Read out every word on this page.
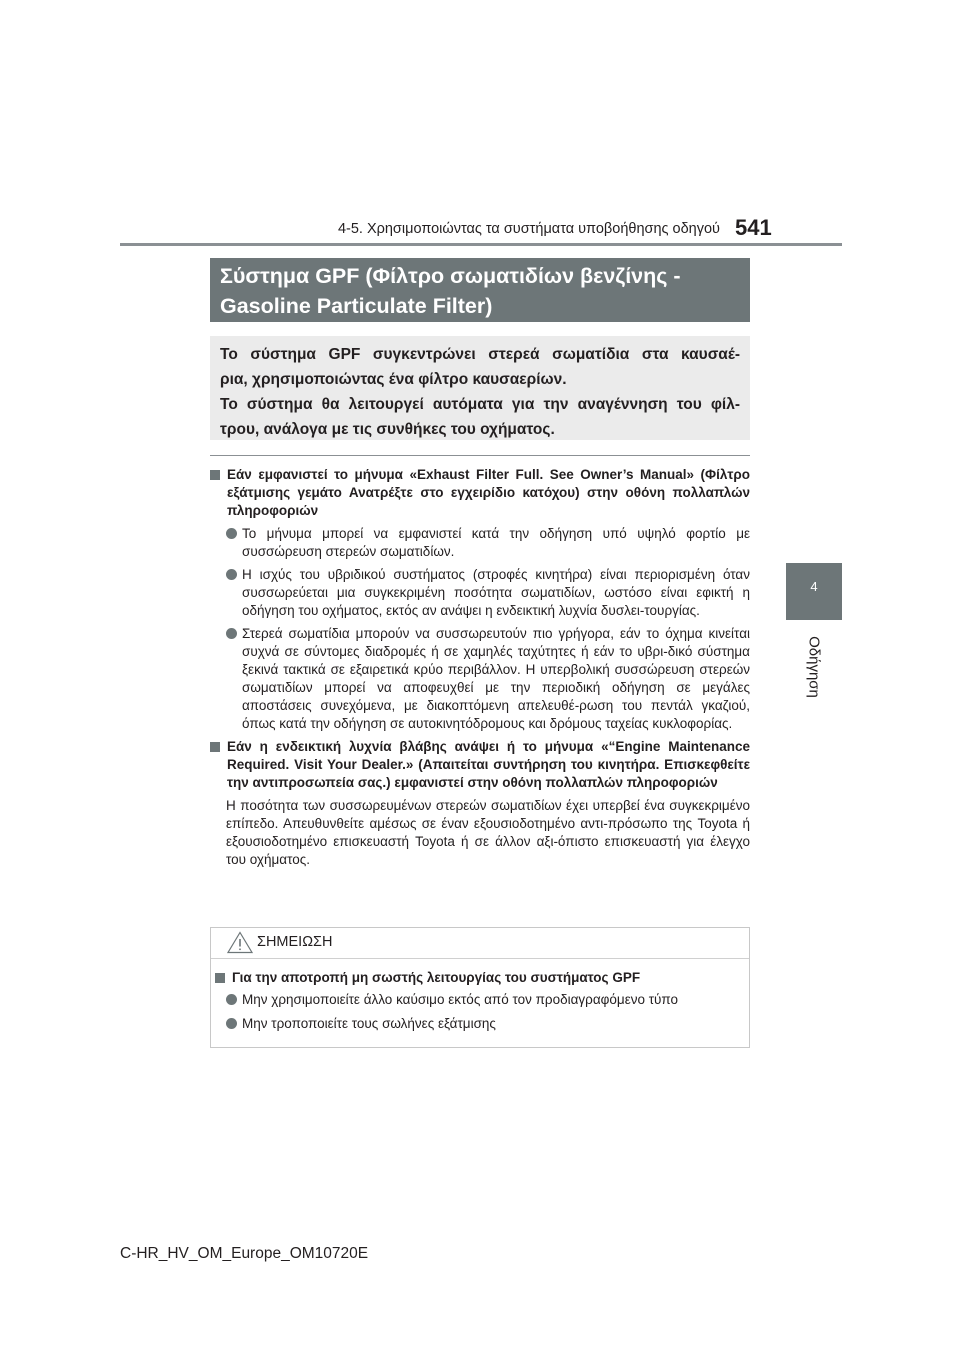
4-5. Χρησιμοποιώντας τα συστήματα υποβοήθησης οδηγού 541
4
Οδήγηση
Σύστημα GPF (Φίλτρο σωματιδίων βενζίνης -
Gasoline Particulate Filter)
Το σύστημα GPF συγκεντρώνει στερεά σωματίδια στα καυσαέ-
ρια, χρησιμοποιώντας ένα φίλτρο καυσαερίων.
Το σύστημα θα λειτουργεί αυτόματα για την αναγέννηση του φίλ-
τρου, ανάλογα με τις συνθήκες του οχήματος.
Εάν εμφανιστεί το μήνυμα «Exhaust Filter Full. See Owner’s Manual» (Φίλτρο εξάτμισης γεμάτο Ανατρέξτε στο εγχειρίδιο κατόχου) στην οθόνη πολλαπλών πληροφοριών
Το μήνυμα μπορεί να εμφανιστεί κατά την οδήγηση υπό υψηλό φορτίο με συσσώρευση στερεών σωματιδίων.
Η ισχύς του υβριδικού συστήματος (στροφές κινητήρα) είναι περιορισμένη όταν συσσωρεύεται μια συγκεκριμένη ποσότητα σωματιδίων, ωστόσο είναι εφικτή η οδήγηση του οχήματος, εκτός αν ανάψει η ενδεικτική λυχνία δυσλει-τουργίας.
Στερεά σωματίδια μπορούν να συσσωρευτούν πιο γρήγορα, εάν το όχημα κινείται συχνά σε σύντομες διαδρομές ή σε χαμηλές ταχύτητες ή εάν το υβρι-δικό σύστημα ξεκινά τακτικά σε εξαιρετικά κρύο περιβάλλον. Η υπερβολική συσσώρευση στερεών σωματιδίων μπορεί να αποφευχθεί με την περιοδική οδήγηση σε μεγάλες αποστάσεις συνεχόμενα, με διακοπτόμενη απελευθέ-ρωση του πεντάλ γκαζιού, όπως κατά την οδήγηση σε αυτοκινητόδρομους και δρόμους ταχείας κυκλοφορίας.
Εάν η ενδεικτική λυχνία βλάβης ανάψει ή το μήνυμα «“Engine Maintenance Required. Visit Your Dealer.» (Απαιτείται συντήρηση του κινητήρα. Επισκεφθείτε την αντιπροσωπεία σας.) εμφανιστεί στην οθόνη πολλαπλών πληροφοριών
Η ποσότητα των συσσωρευμένων στερεών σωματιδίων έχει υπερβεί ένα συγκεκριμένο επίπεδο. Απευθυνθείτε αμέσως σε έναν εξουσιοδοτημένο αντι-πρόσωπο της Toyota ή εξουσιοδοτημένο επισκευαστή Toyota ή σε άλλον αξι-όπιστο επισκευαστή για έλεγχο του οχήματος.
ΣΗΜΕΙΩΣΗ
Για την αποτροπή μη σωστής λειτουργίας του συστήματος GPF
Μην χρησιμοποιείτε άλλο καύσιμο εκτός από τον προδιαγραφόμενο τύπο
Μην τροποποιείτε τους σωλήνες εξάτμισης
C-HR_HV_OM_Europe_OM10720E
